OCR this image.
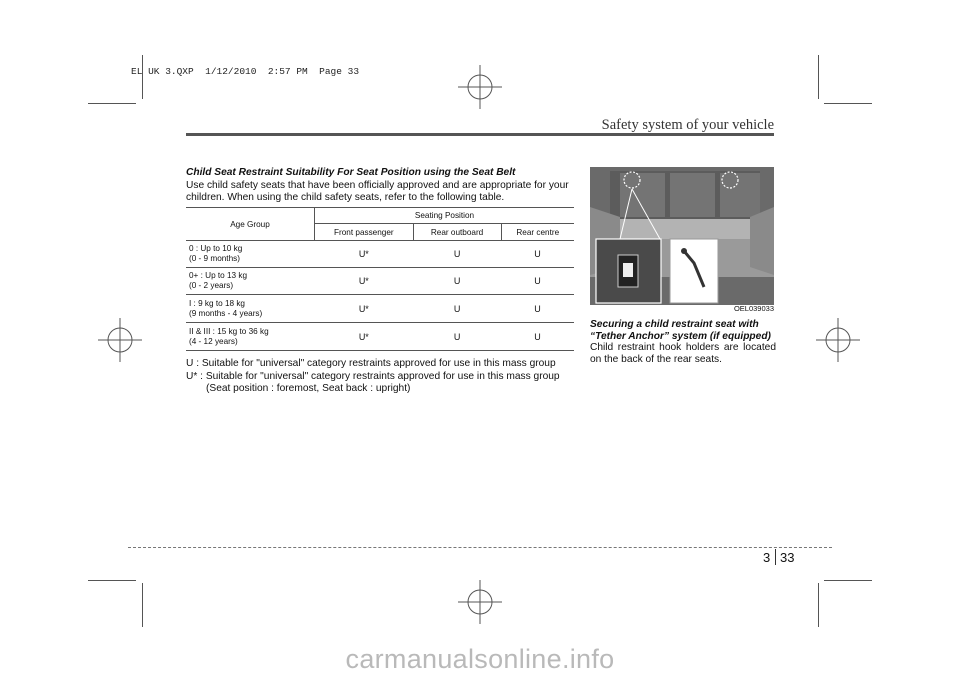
EL UK 3.QXP  1/12/2010  2:57 PM  Page 33
Safety system of your vehicle
Child Seat Restraint Suitability For Seat Position using the Seat Belt
Use child safety seats that have been officially approved and are appropriate for your children. When using the child safety seats, refer to the following table.
Age Group	Seating Position		
	Front passenger	Rear outboard	Rear centre

0 : Up to 10 kg
(0 - 9 months)	U*	U	U

0+ : Up to 13 kg
(0 - 2 years)	U*	U	U

I : 9 kg to 18 kg
(9 months - 4 years)	U*	U	U

II & III : 15 kg to 36 kg
(4 - 12 years)	U*	U	U
U : Suitable for "universal" category restraints approved for use in this mass group
U* : Suitable for "universal" category restraints approved for use in this mass group
(Seat position : foremost, Seat back : upright)
OEL039033
Securing a child restraint seat with
“Tether Anchor” system (if equipped)
Child restraint hook holders are located on the back of the rear seats.
3 33
carmanualsonline.info
